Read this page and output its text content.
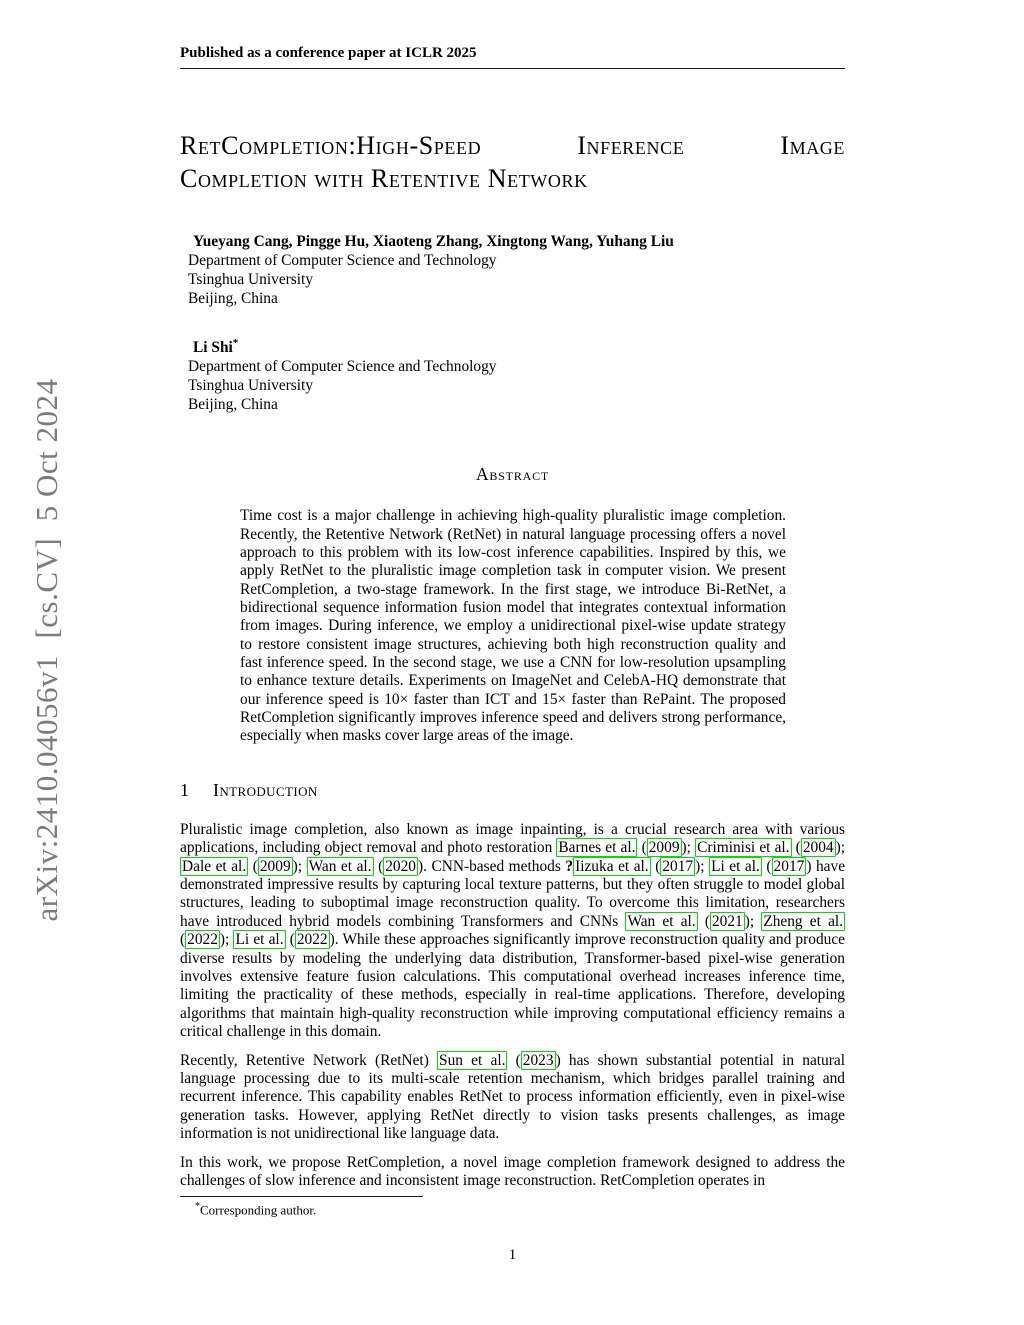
arXiv:2410.04056v1  [cs.CV]  5 Oct 2024
Published as a conference paper at ICLR 2025
RetCompletion:High-Speed Inference Image
Completion with Retentive Network
Yueyang Cang, Pingge Hu, Xiaoteng Zhang, Xingtong Wang, Yuhang Liu
Department of Computer Science and Technology
Tsinghua University
Beijing, China
Li Shi*
Department of Computer Science and Technology
Tsinghua University
Beijing, China
Abstract

Time cost is a major challenge in achieving high-quality pluralistic image completion. Recently, the Retentive Network (RetNet) in natural language processing offers a novel approach to this problem with its low-cost inference capabilities. Inspired by this, we apply RetNet to the pluralistic image completion task in computer vision. We present RetCompletion, a two-stage framework. In the first stage, we introduce Bi-RetNet, a bidirectional sequence information fusion model that integrates contextual information from images. During inference, we employ a unidirectional pixel-wise update strategy to restore consistent image structures, achieving both high reconstruction quality and fast inference speed. In the second stage, we use a CNN for low-resolution upsampling to enhance texture details. Experiments on ImageNet and CelebA-HQ demonstrate that our inference speed is 10× faster than ICT and 15× faster than RePaint. The proposed RetCompletion significantly improves inference speed and delivers strong performance, especially when masks cover large areas of the image.

1 Introduction

Pluralistic image completion, also known as image inpainting, is a crucial research area with various applications, including object removal and photo restoration Barnes et al. ( 2009 ); Criminisi et al. ( 2004 ); Dale et al. ( 2009 ); Wan et al. ( 2020 ). CNN-based methods ? Iizuka et al. ( 2017 ); Li et al. ( 2017 ) have demonstrated impressive results by capturing local texture patterns, but they often struggle to model global structures, leading to suboptimal image reconstruction quality. To overcome this limitation, researchers have introduced hybrid models combining Transformers and CNNs Wan et al. ( 2021 ); Zheng et al. ( 2022 ); Li et al. ( 2022 ). While these approaches significantly improve reconstruction quality and produce diverse results by modeling the underlying data distribution, Transformer-based pixel-wise generation involves extensive feature fusion calculations. This computational overhead increases inference time, limiting the practicality of these methods, especially in real-time applications. Therefore, developing algorithms that maintain high-quality reconstruction while improving computational efficiency remains a critical challenge in this domain.

Recently, Retentive Network (RetNet) Sun et al. ( 2023 ) has shown substantial potential in natural language processing due to its multi-scale retention mechanism, which bridges parallel training and recurrent inference. This capability enables RetNet to process information efficiently, even in pixel-wise generation tasks. However, applying RetNet directly to vision tasks presents challenges, as image information is not unidirectional like language data.

In this work, we propose RetCompletion, a novel image completion framework designed to address the challenges of slow inference and inconsistent image reconstruction. RetCompletion operates in

*Corresponding author.
1
